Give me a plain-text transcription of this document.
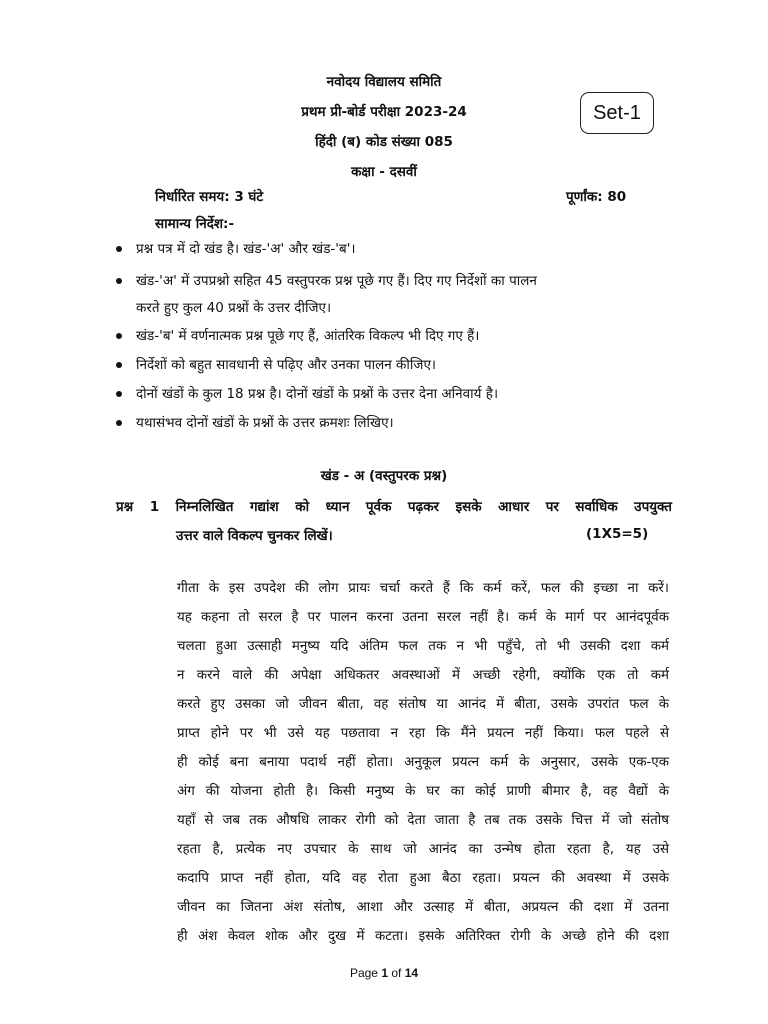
नवोदय विद्यालय समिति
प्रथम प्री-बोर्ड परीक्षा 2023-24
हिंदी (ब) कोड संख्या 085
कक्षा - दसवीं
Set-1
निर्धारित समय: 3 घंटे	पूर्णांक: 80
सामान्य निर्देश:-
प्रश्न पत्र में दो खंड है। खंड-'अ' और खंड-'ब'।
खंड-'अ' में उपप्रश्नो सहित 45 वस्तुपरक प्रश्न पूछे गए हैं। दिए गए निर्देशों का पालन
करते हुए कुल 40 प्रश्नों के उत्तर दीजिए।
खंड-'ब' में वर्णनात्मक प्रश्न पूछे गए हैं, आंतरिक विकल्प भी दिए गए हैं।
निर्देशों को बहुत सावधानी से पढ़िए और उनका पालन कीजिए।
दोनों खंडों के कुल 18 प्रश्न है। दोनों खंडों के प्रश्नों के उत्तर देना अनिवार्य है।
यथासंभव दोनों खंडों के प्रश्नों के उत्तर क्रमशः लिखिए।
खंड - अ (वस्तुपरक प्रश्न)
प्रश्न 1 निम्नलिखित गद्यांश को ध्यान पूर्वक पढ़कर इसके आधार पर सर्वाधिक उपयुक्त
उत्तर वाले विकल्प चुनकर लिखें।	(1X5=5)
गीता के इस उपदेश की लोग प्रायः चर्चा करते हैं कि कर्म करें, फल की इच्छा ना करें।
यह कहना तो सरल है पर पालन करना उतना सरल नहीं है। कर्म के मार्ग पर आनंदपूर्वक
चलता हुआ उत्साही मनुष्य यदि अंतिम फल तक न भी पहुँचे, तो भी उसकी दशा कर्म
न करने वाले की अपेक्षा अधिकतर अवस्थाओं में अच्छी रहेगी, क्योंकि एक तो कर्म
करते हुए उसका जो जीवन बीता, वह संतोष या आनंद में बीता, उसके उपरांत फल के
प्राप्त होने पर भी उसे यह पछतावा न रहा कि मैंने प्रयत्न नहीं किया। फल पहले से
ही कोई बना बनाया पदार्थ नहीं होता। अनुकूल प्रयत्न कर्म के अनुसार, उसके एक-एक
अंग की योजना होती है। किसी मनुष्य के घर का कोई प्राणी बीमार है, वह वैद्यों के
यहाँ से जब तक औषधि लाकर रोगी को देता जाता है तब तक उसके चित्त में जो संतोष
रहता है, प्रत्येक नए उपचार के साथ जो आनंद का उन्मेष होता रहता है, यह उसे
कदापि प्राप्त नहीं होता, यदि वह रोता हुआ बैठा रहता। प्रयत्न की अवस्था में उसके
जीवन का जितना अंश संतोष, आशा और उत्साह में बीता, अप्रयत्न की दशा में उतना
ही अंश केवल शोक और दुख में कटता। इसके अतिरिक्त रोगी के अच्छे होने की दशा
Page 1 of 14
